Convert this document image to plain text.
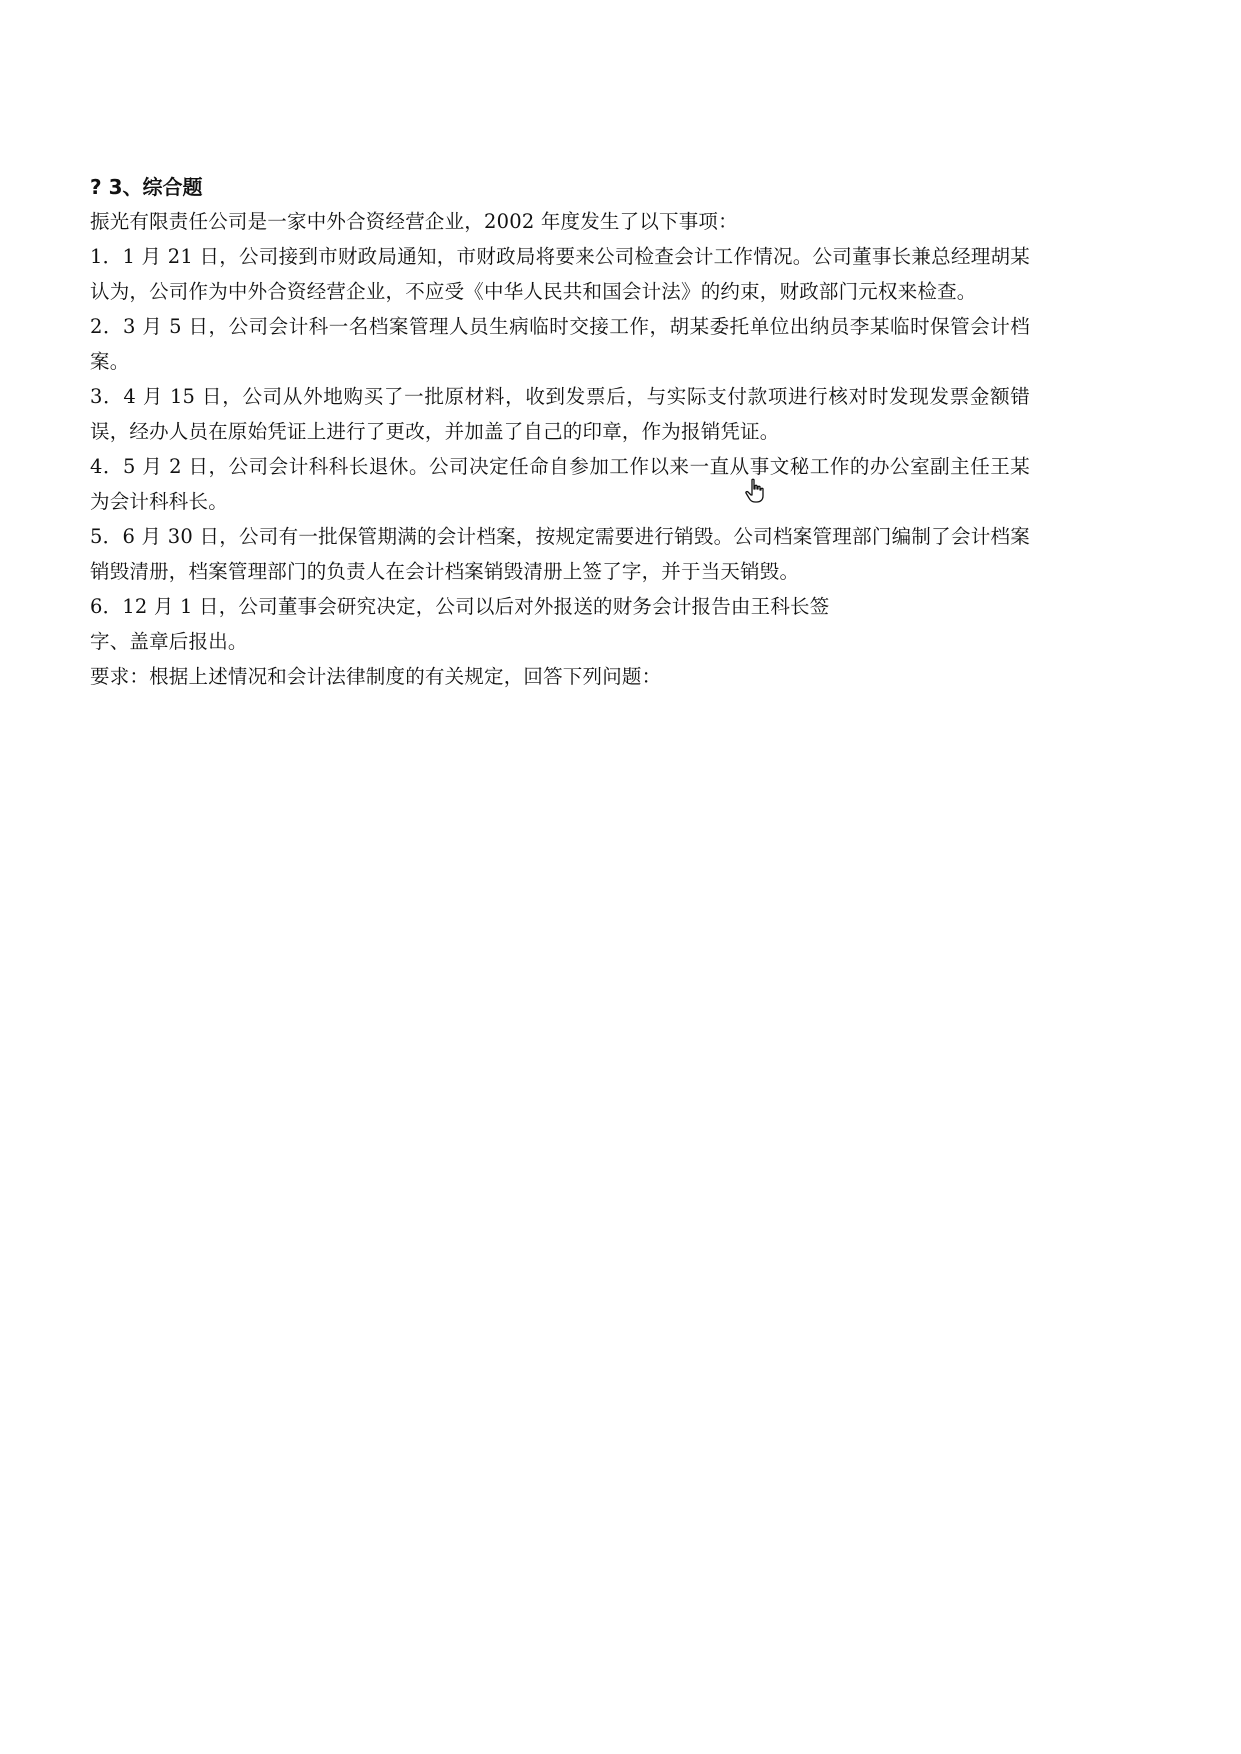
? 3、综合题

振光有限责任公司是一家中外合资经营企业，2002 年度发生了以下事项：

1．1 月 21 日，公司接到市财政局通知，市财政局将要来公司检查会计工作情况。公司董事长兼总经理胡某认为，公司作为中外合资经营企业，不应受《中华人民共和国会计法》的约束，财政部门元权来检查。

2．3 月 5 日，公司会计科一名档案管理人员生病临时交接工作，胡某委托单位出纳员李某临时保管会计档案。

3．4 月 15 日，公司从外地购买了一批原材料，收到发票后，与实际支付款项进行核对时发现发票金额错误，经办人员在原始凭证上进行了更改，并加盖了自己的印章，作为报销凭证。

4．5 月 2 日，公司会计科科长退休。公司决定任命自参加工作以来一直从事文秘工作的办公室副主任王某为会计科科长。

5．6 月 30 日，公司有一批保管期满的会计档案，按规定需要进行销毁。公司档案管理部门编制了会计档案销毁清册，档案管理部门的负责人在会计档案销毁清册上签了字，并于当天销毁。

6．12 月 1 日，公司董事会研究决定，公司以后对外报送的财务会计报告由王科长签

字、盖章后报出。

要求：根据上述情况和会计法律制度的有关规定，回答下列问题：
